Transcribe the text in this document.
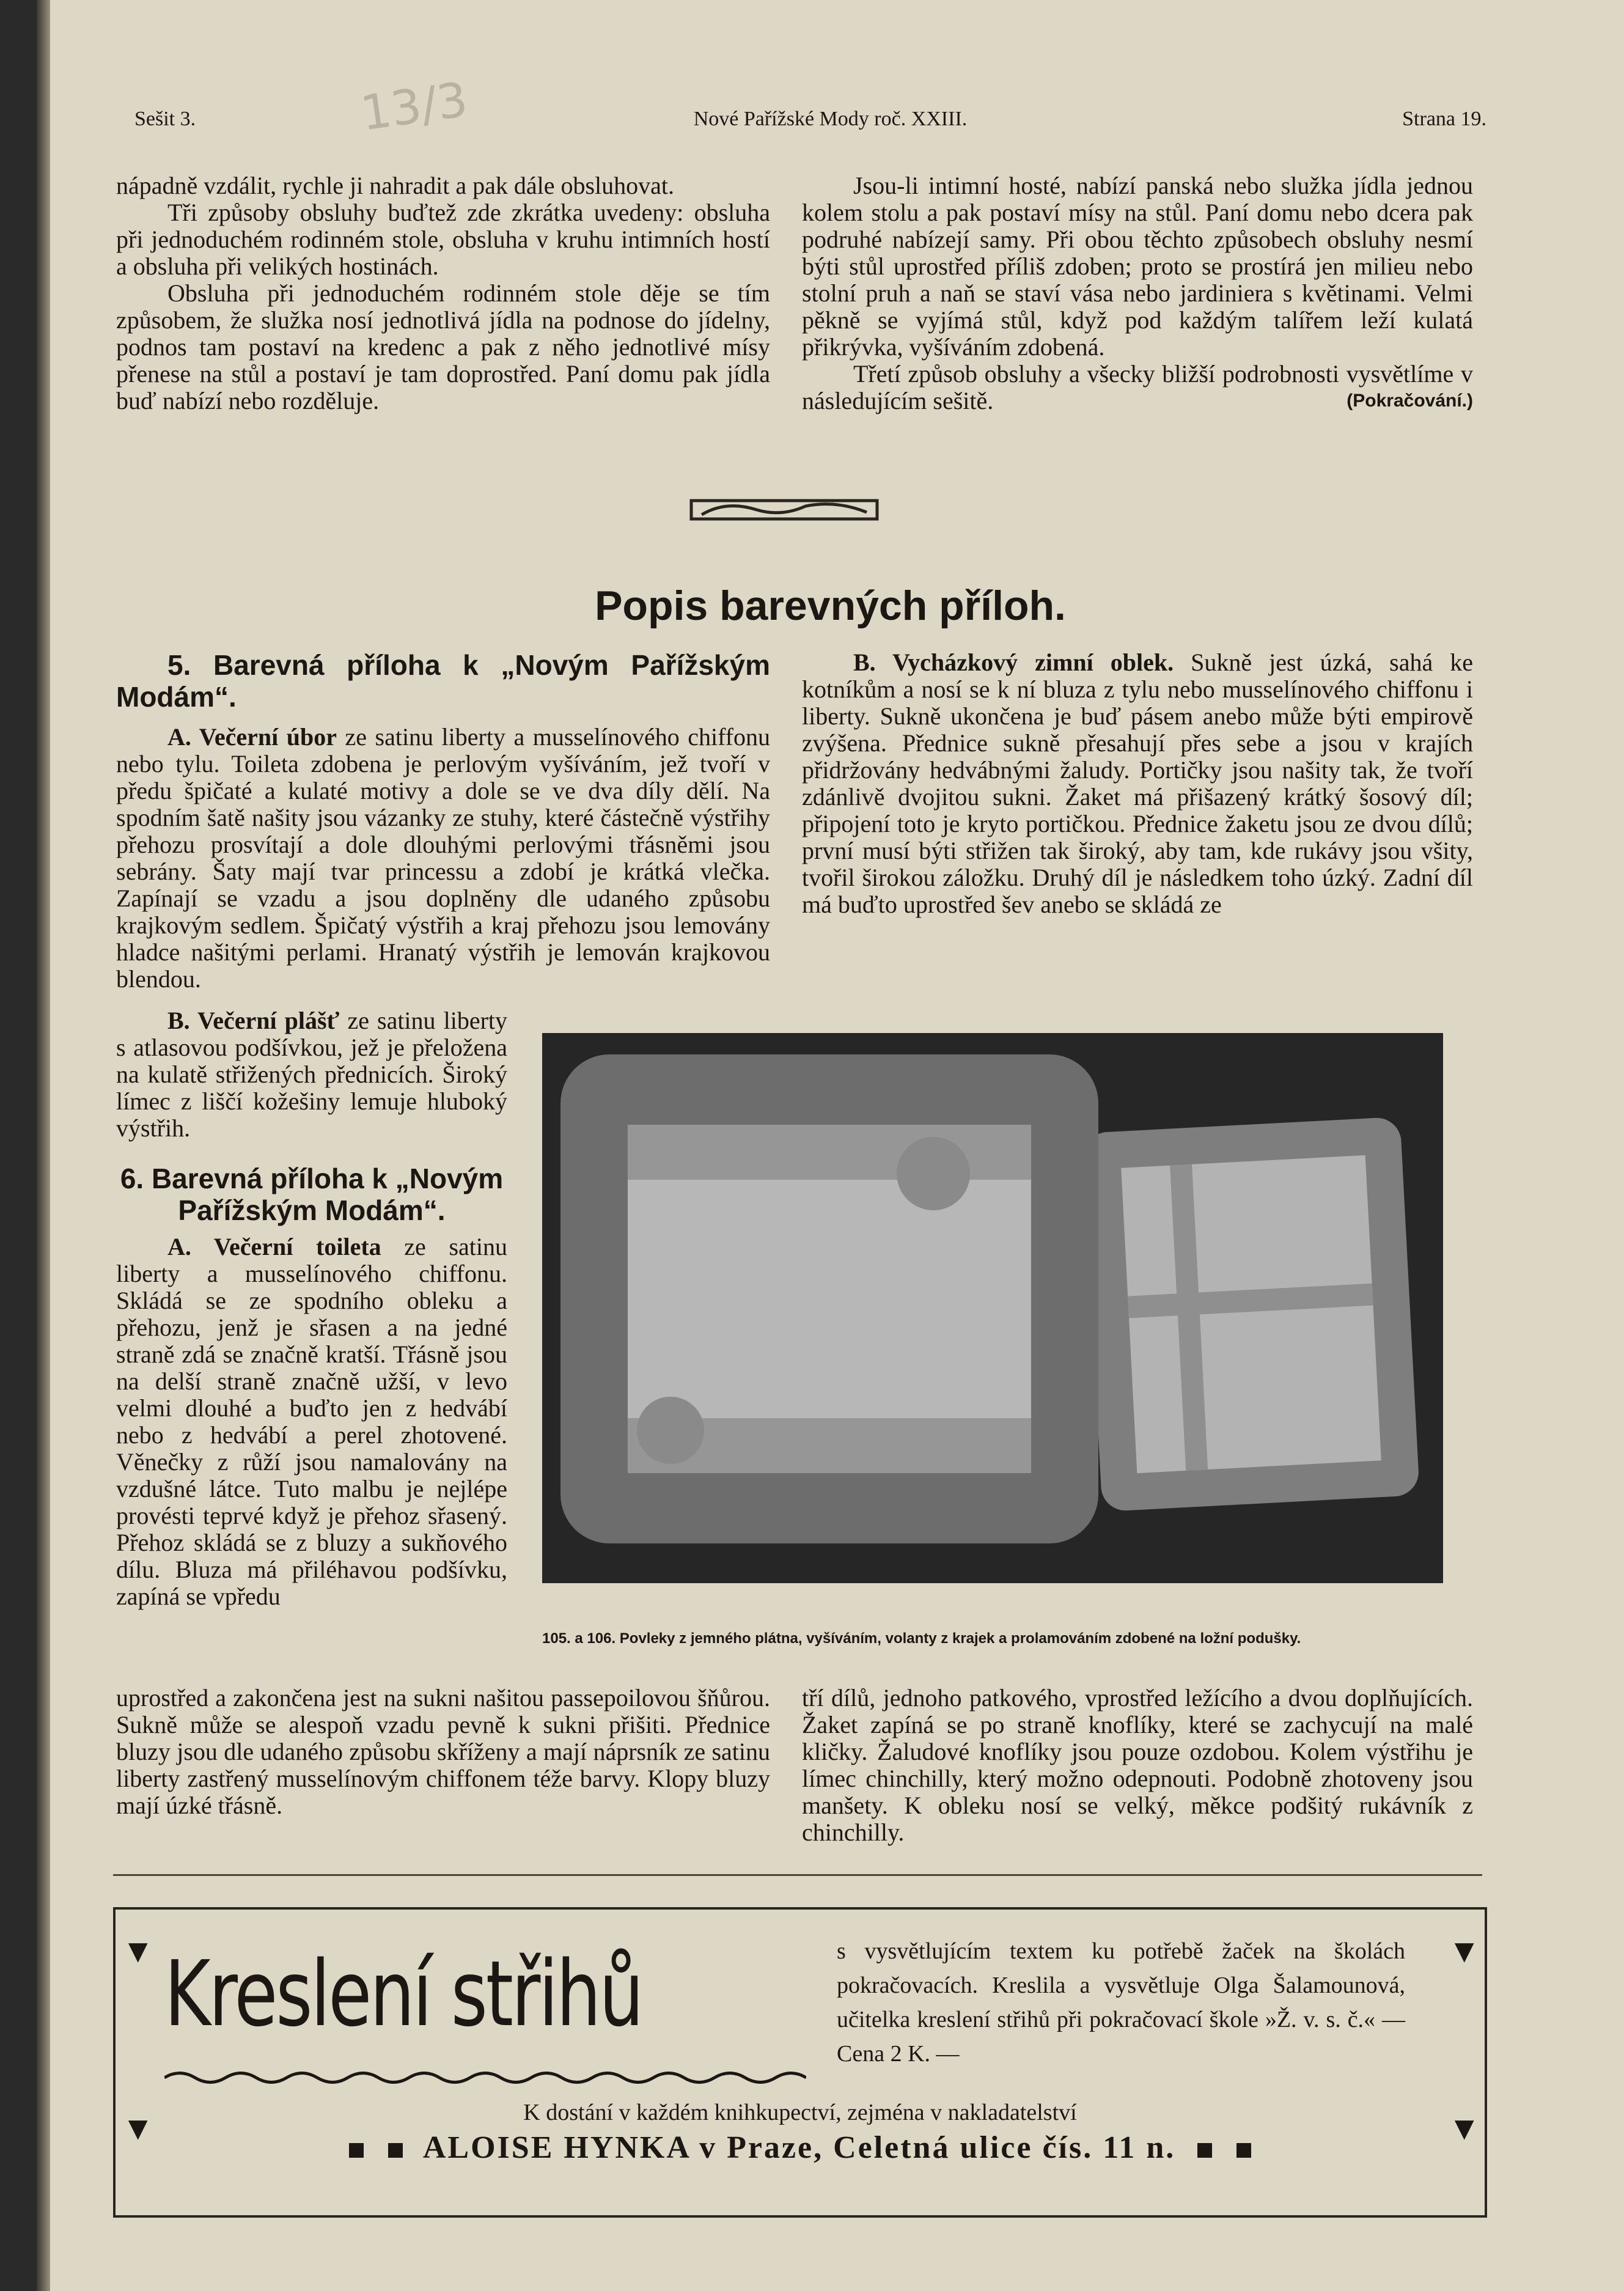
Sešit 3.	13/3	Nové Pařížské Mody roč. XXIII.	Strana 19.

nápadně vzdálit, rychle ji nahradit a pak dále obsluhovat.

Tři způsoby obsluhy buďtež zde zkrátka uvedeny: obsluha při jednoduchém rodinném stole, obsluha v kruhu intimních hostí a obsluha při velikých hostinách.

Obsluha při jednoduchém rodinném stole děje se tím způsobem, že služka nosí jednotlivá jídla na podnose do jídelny, podnos tam postaví na kredenc a pak z něho jednotlivé mísy přenese na stůl a postaví je tam doprostřed. Paní domu pak jídla buď nabízí nebo rozděluje.

Jsou-li intimní hosté, nabízí panská nebo služka jídla jednou kolem stolu a pak postaví mísy na stůl. Paní domu nebo dcera pak podruhé nabízejí samy. Při obou těchto způsobech obsluhy nesmí býti stůl uprostřed příliš zdoben; proto se prostírá jen milieu nebo stolní pruh a naň se staví vása nebo jardiniera s květinami. Velmi pěkně se vyjímá stůl, když pod každým talířem leží kulatá přikrývka, vyšíváním zdobená.

Třetí způsob obsluhy a všecky bližší podrobnosti vysvětlíme v následujícím sešitě.	(Pokračování.)
Popis barevných příloh.

5. Barevná příloha k „Novým Pařížským Modám“.

A. Večerní úbor ze satinu liberty a musselínového chiffonu nebo tylu. Toileta zdobena je perlovým vyšíváním, jež tvoří v předu špičaté a kulaté motivy a dole se ve dva díly dělí. Na spodním šatě našity jsou vázanky ze stuhy, které částečně výstřihy přehozu prosvítají a dole dlouhými perlovými třásněmi jsou sebrány. Šaty mají tvar princessu a zdobí je krátká vlečka. Zapínají se vzadu a jsou doplněny dle udaného způsobu krajkovým sedlem. Špičatý výstřih a kraj přehozu jsou lemovány hladce našitými perlami. Hranatý výstřih je lemován krajkovou blendou.

B. Večerní plášť ze satinu liberty s atlasovou podšívkou, jež je přeložena na kulatě střižených přednicích. Široký límec z liščí kožešiny lemuje hluboký výstřih.

6. Barevná příloha k „Novým Pařížským Modám“.

A. Večerní toileta ze satinu liberty a musselínového chiffonu. Skládá se ze spodního obleku a přehozu, jenž je sřasen a na jedné straně zdá se značně kratší. Třásně jsou na delší straně značně užší, v levo velmi dlouhé a buďto jen z hedvábí nebo z hedvábí a perel zhotovené. Věnečky z růží jsou namalovány na vzdušné látce. Tuto malbu je nejlépe provésti teprvé když je přehoz sřasený. Přehoz skládá se z bluzy a sukňového dílu. Bluza má přiléhavou podšívku, zapíná se vpředu

uprostřed a zakončena jest na sukni našitou passepoilovou šňůrou. Sukně může se alespoň vzadu pevně k sukni přišiti. Přednice bluzy jsou dle udaného způsobu skříženy a mají náprsník ze satinu liberty zastřený musselínovým chiffonem téže barvy. Klopy bluzy mají úzké třásně.

B. Vycházkový zimní oblek. Sukně jest úzká, sahá ke kotníkům a nosí se k ní bluza z tylu nebo musselínového chiffonu i liberty. Sukně ukončena je buď pásem anebo může býti empirově zvýšena. Přednice sukně přesahují přes sebe a jsou v krajích přidržovány hedvábnými žaludy. Portičky jsou našity tak, že tvoří zdánlivě dvojitou sukni. Žaket má přišazený krátký šosový díl; připojení toto je kryto portičkou. Přednice žaketu jsou ze dvou dílů; první musí býti střižen tak široký, aby tam, kde rukávy jsou všity, tvořil širokou záložku. Druhý díl je následkem toho úzký. Zadní díl má buďto uprostřed šev anebo se skládá ze

105. a 106. Povleky z jemného plátna, vyšíváním, volanty z krajek a prolamováním zdobené na ložní podušky.

tří dílů, jednoho patkového, vprostřed ležícího a dvou doplňujících. Žaket zapíná se po straně knoflíky, které se zachycují na malé kličky. Žaludové knoflíky jsou pouze ozdobou. Kolem výstřihu je límec chinchilly, který možno odepnouti. Podobně zhotoveny jsou manšety. K obleku nosí se velký, měkce podšitý rukávník z chinchilly.

▼
▼
▼
▼
Kreslení střihů	s vysvětlujícím textem ku potřebě žaček na školách pokračovacích. Kreslila a vysvětluje Olga Šalamounová, učitelka kreslení střihů při pokračovací škole »Ž. v. s. č.« — Cena 2 K. —
K dostání v každém knihkupectví, zejména v nakladatelství
ALOISE HYNKA v Praze, Celetná ulice čís. 11 n.
